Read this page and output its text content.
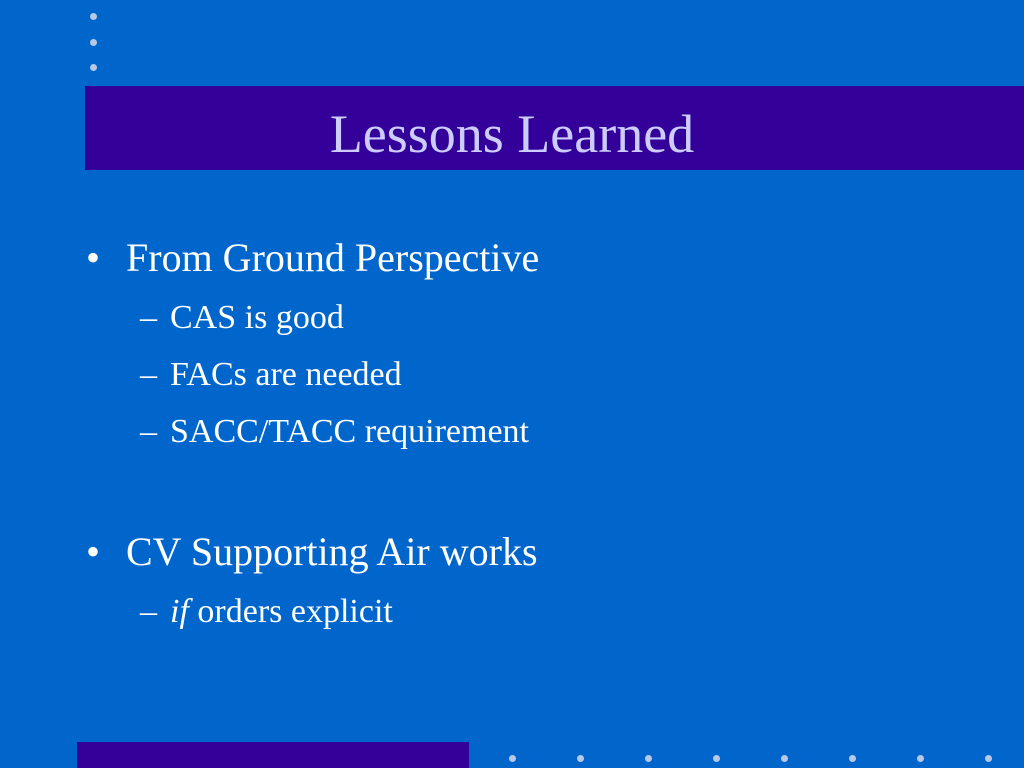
Lessons Learned
• From Ground Perspective
– CAS is good
– FACs are needed
– SACC/TACC requirement
• CV Supporting Air works
– if orders explicit
